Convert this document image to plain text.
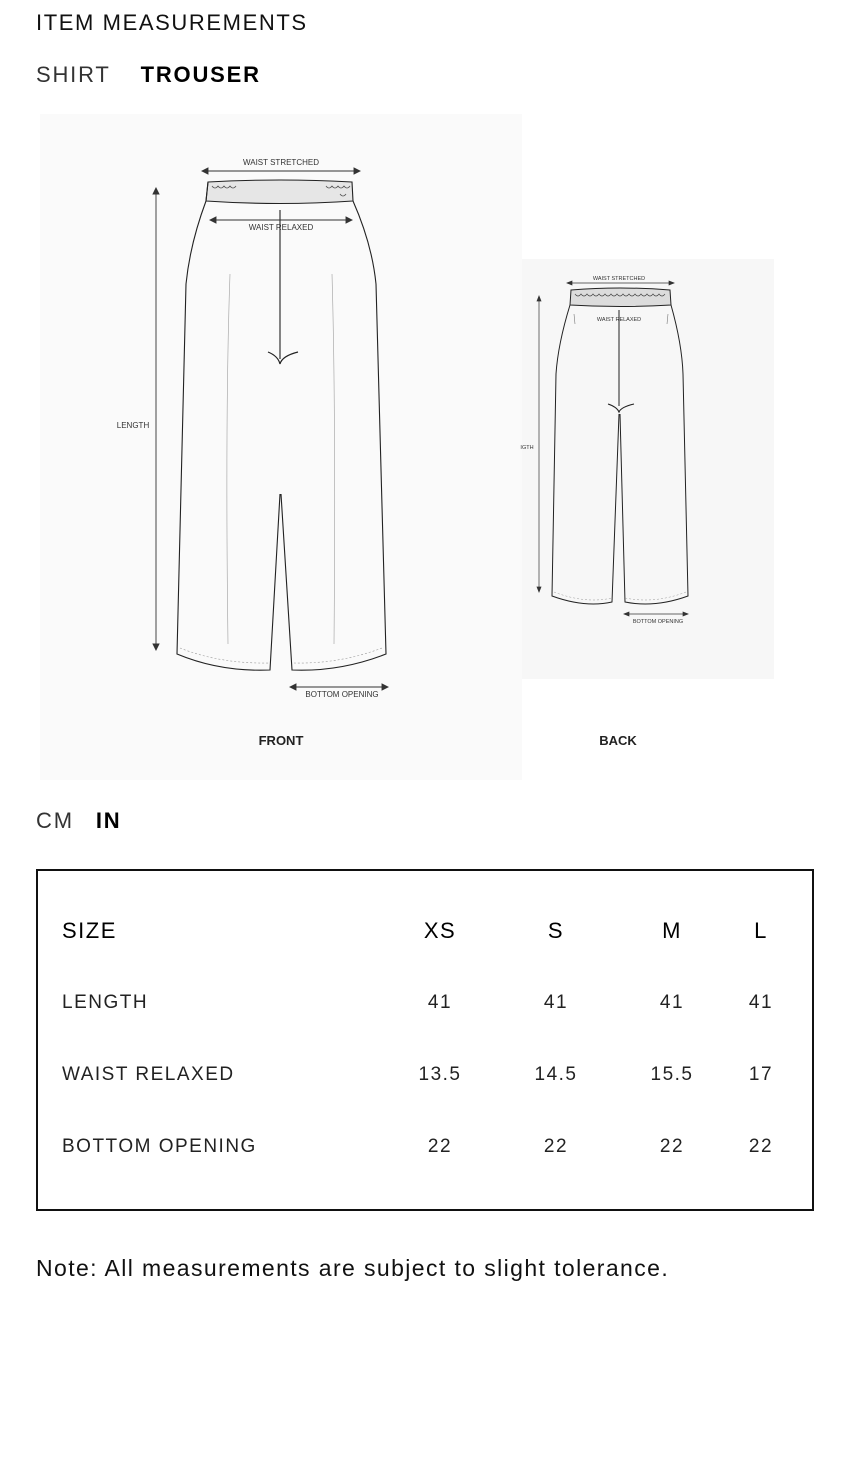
ITEM MEASUREMENTS
SHIRT TROUSER
WAIST STRETCHED
WAIST RELAXED
LENGTH
BOTTOM OPENING
FRONT
WAIST STRETCHED
WAIST RELAXED
IGTH
BOTTOM OPENING
BACK
CM IN
SIZE	XS	S	M	L
LENGTH	41	41	41	41
WAIST RELAXED	13.5	14.5	15.5	17
BOTTOM OPENING	22	22	22	22
Note: All measurements are subject to slight tolerance.
